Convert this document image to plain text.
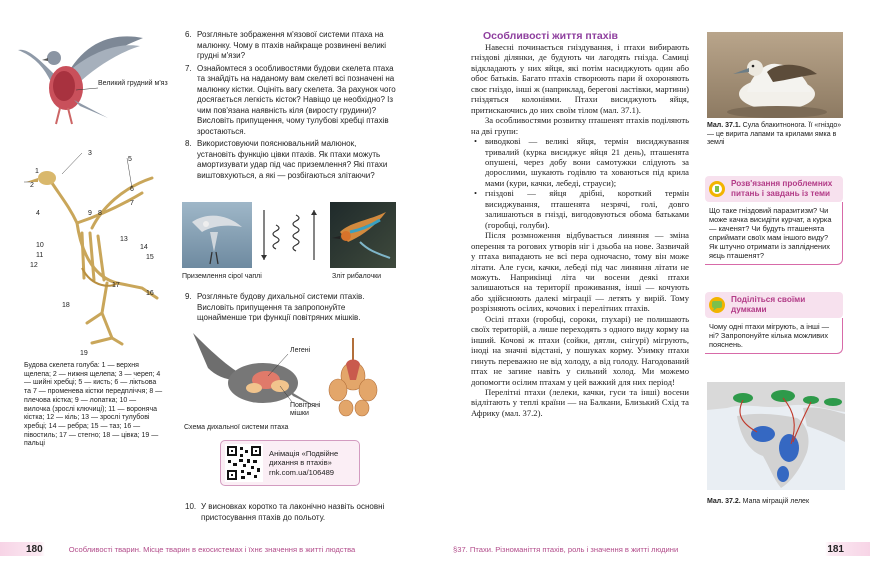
Великий грудний м'яз
1
2
3
4
5
6
7
8
9
10
11
12
13
14
15
16
17
18
19
Будова скелета голуба: 1 — верхня щелепа; 2 — нижня щелепа; 3 — череп; 4 — шийні хребці; 5 — кисть; 6 — ліктьова та 7 — променева кістки передпліччя; 8 — плечова кістка; 9 — лопатка; 10 — вилочка (зрослі ключиці); 11 — воронячa кістка; 12 — кіль; 13 — зрослі тулубові хребці; 14 — ребра; 15 — таз; 16 — півостиль; 17 — стегно; 18 — цівка; 19 — пальці
6. Розгляньте зображення м'язової системи птаха на малюнку. Чому в птахів найкраще розвинені великі грудні м'язи?
7. Ознайомтеся з особливостями будови скелета птаха та знайдіть на наданому вам скелеті всі позначені на малюнку кістки. Оцініть вагу скелета. За рахунок чого досягається легкість кісток? Навіщо це необхідно? Із чим пов'язана наявність кіля (виросту грудини)? Висловіть припущення, чому тулубові хребці птахів зростаються.
8. Використовуючи пояснювальний малюнок, установіть функцію цівки птахів. Як птахи можуть амортизувати удар під час приземлення? Які птахи виштовхуються, а які — розбігаються злітаючи?
Приземлення сірої чаплі	Зліт рибалочки
9. Розгляньте будову дихальної системи птахів. Висловіть припущення та запропонуйте щонайменше три функції повітряних мішків.
Легені
Повітряні мішки
Схема дихальної системи птаха
Анімація «Подвійне дихання в птахів»
rnk.com.ua/106489
10. У висновках коротко та лаконічно назвіть основні пристосування птахів до польоту.
180	Особливості тварин. Місце тварин в екосистемах і їхнє значення в житті людства
Особливості життя птахів

Навесні починається гніздування, і птахи вибирають гніздові ділянки, де будують чи лагодять гнізда. Самиці відкладають у них яйця, які потім насиджують один або обоє батьків. Багато птахів створюють пари й охороняють своє гніздо, інші ж (наприклад, берегові ластівки, мартини) гніздяться колоніями. Птахи висиджують яйця, притискаючись до них своїм тілом (мал. 37.1).

За особливостями розвитку пташенят птахів поділяють на дві групи:

• виводкові — великі яйця, термін висиджування тривалий (курка висиджує яйця 21 день), пташенята опушені, через добу вони самотужки слідують за дорослими, шукають годівлю та ховаються під крила мами (кури, качки, лебеді, страуси);
• гніздові — яйця дрібні, короткий термін висиджування, пташенята незрячі, голі, довго залишаються в гнізді, вигодовуються обома батьками (горобці, голуби).

Після розмноження відбувається линяння — зміна оперення та рогових утворів ніг і дзьоба на нове. Зазвичай у птаха випадають не всі пера одночасно, тому він може літати. Але гуси, качки, лебеді під час линяння літати не можуть. Наприкінці літа чи восени деякі птахи залишаються на території проживання, інші — кочують або здійснюють далекі міграції — летять у вирій. Тому розрізняють осілих, кочових і перелітних птахів.

Осілі птахи (горобці, сороки, глухарі) не полишають своїх територій, а лише переходять з одного виду корму на інший. Кочові ж птахи (сойки, дятли, снігурі) мігрують, іноді на значні відстані, у пошуках корму. Узимку птахи гинуть переважно не від холоду, а від голоду. Нагодований птах не загине навіть у сильний холод. Ми можемо допомогти осілим птахам у цей важкий для них період!

Перелітні птахи (лелеки, качки, гуси та інші) восени відлітають у теплі країни — на Балкани, Близький Схід та Африку (мал. 37.2).

Мал. 37.1. Сула блакитнонога. Її «гніздо» — це вирита лапами та крилами ямка в землі
Розв'язання проблемних питань і завдань із теми
Що таке гніздовий паразитизм? Чи може качка висидіти курчат, а курка — каченят? Чи будуть пташенята сприймати своїх мам іншого виду? Як штучно отримати із запліднених яєць пташенят?
Поділіться своїми думками
Чому одні птахи мігрують, а інші — ні? Запропонуйте кілька можливих пояснень.
Мал. 37.2. Мапа міграцій лелек
§37. Птахи. Різноманіття птахів, роль і значення в житті людини	181
